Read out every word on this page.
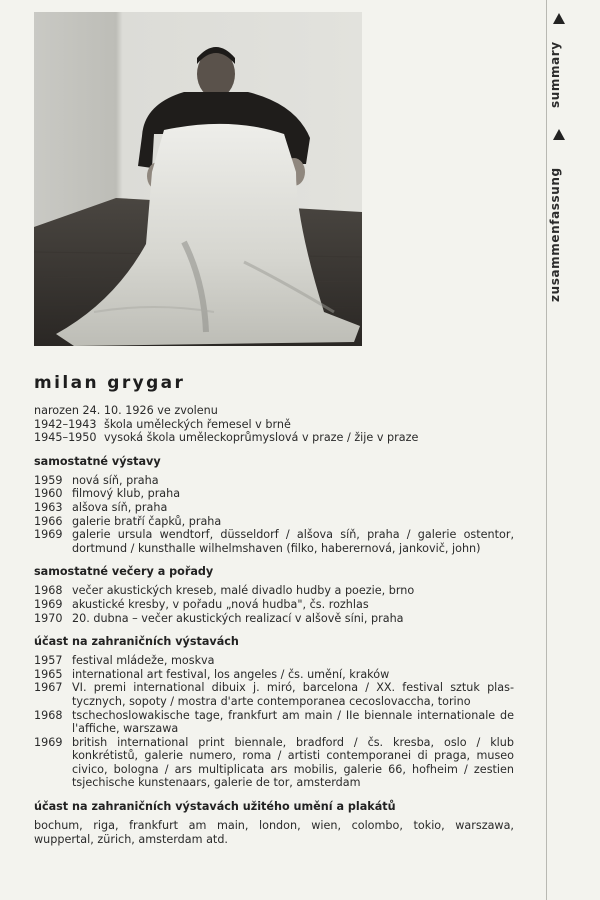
summary
zusammenfassung
milan grygar
narozen 24. 10. 1926 ve zvolenu
1942–1943 škola uměleckých řemesel v brně
1945–1950 vysoká škola uměleckoprůmyslová v praze / žije v praze
samostatné výstavy
1959 nová síň, praha
1960 filmový klub, praha
1963 alšova síň, praha
1966 galerie bratří čapků, praha
1969 galerie ursula wendtorf, düsseldorf / alšova síň, praha / galerie ostentor, dortmund / kunsthalle wilhelmshaven (filko, haberernová, jankovič, john)
samostatné večery a pořady
1968 večer akustických kreseb, malé divadlo hudby a poezie, brno
1969 akustické kresby, v pořadu „nová hudba", čs. rozhlas
1970 20. dubna – večer akustických realizací v alšově síni, praha
účast na zahraničních výstavách
1957 festival mládeže, moskva
1965 international art festival, los angeles / čs. umění, kraków
1967 VI. premi international dibuix j. miró, barcelona / XX. festival sztuk plas-tycznych, sopoty / mostra d'arte contemporanea cecoslovaccha, torino
1968 tschechoslowakische tage, frankfurt am main / IIe biennale internationale de l'affiche, warszawa
1969 british international print biennale, bradford / čs. kresba, oslo / klub konkrétistů, galerie numero, roma / artisti contemporanei di praga, museo civico, bologna / ars multiplicata ars mobilis, galerie 66, hofheim / zestien tsjechische kunstenaars, galerie de tor, amsterdam
účast na zahraničních výstavách užitého umění a plakátů
bochum, riga, frankfurt am main, london, wien, colombo, tokio, warszawa, wuppertal, zürich, amsterdam atd.
